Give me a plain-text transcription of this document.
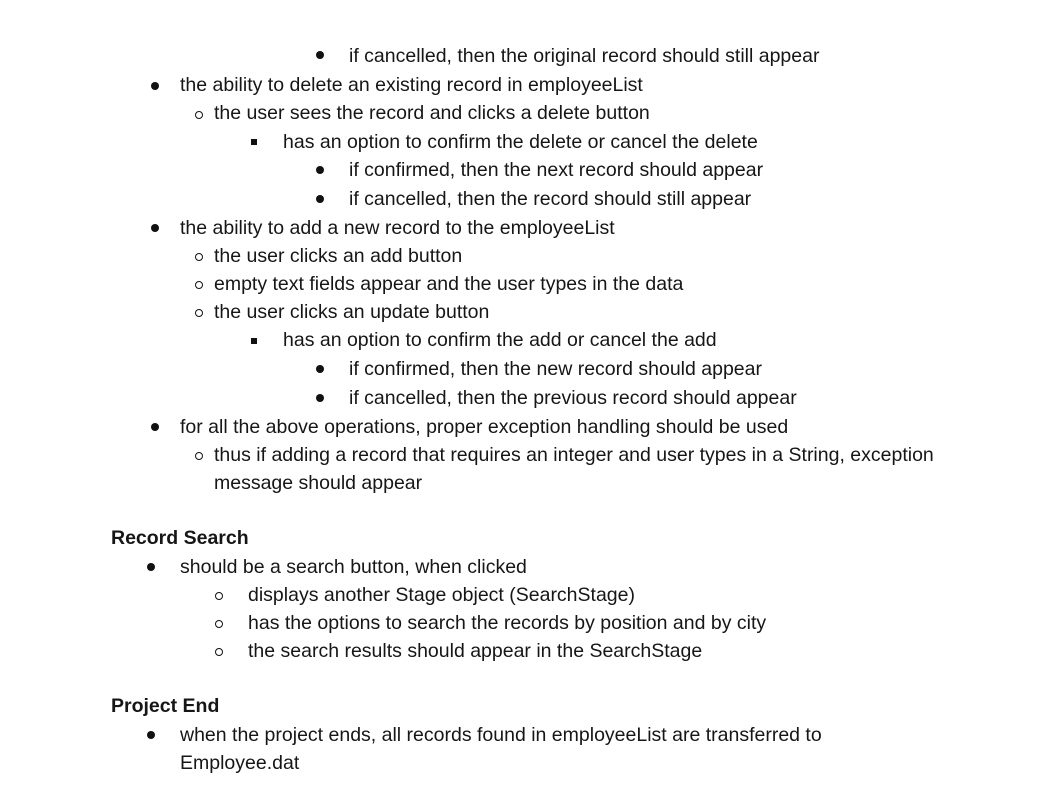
if cancelled, then the original record should still appear
the ability to delete an existing record in employeeList
the user sees the record and clicks a delete button
has an option to confirm the delete or cancel the delete
if confirmed, then the next record should appear
if cancelled, then the record should still appear
the ability to add a new record to the employeeList
the user clicks an add button
empty text fields appear and the user types in the data
the user clicks an update button
has an option to confirm the add or cancel the add
if confirmed, then the new record should appear
if cancelled, then the previous record should appear
for all the above operations, proper exception handling should be used
thus if adding a record that requires an integer and user types in a String, exception
message should appear
Record Search
should be a search button, when clicked
displays another Stage object (SearchStage)
has the options to search the records by position and by city
the search results should appear in the SearchStage
Project End
when the project ends, all records found in employeeList are transferred to
Employee.dat
